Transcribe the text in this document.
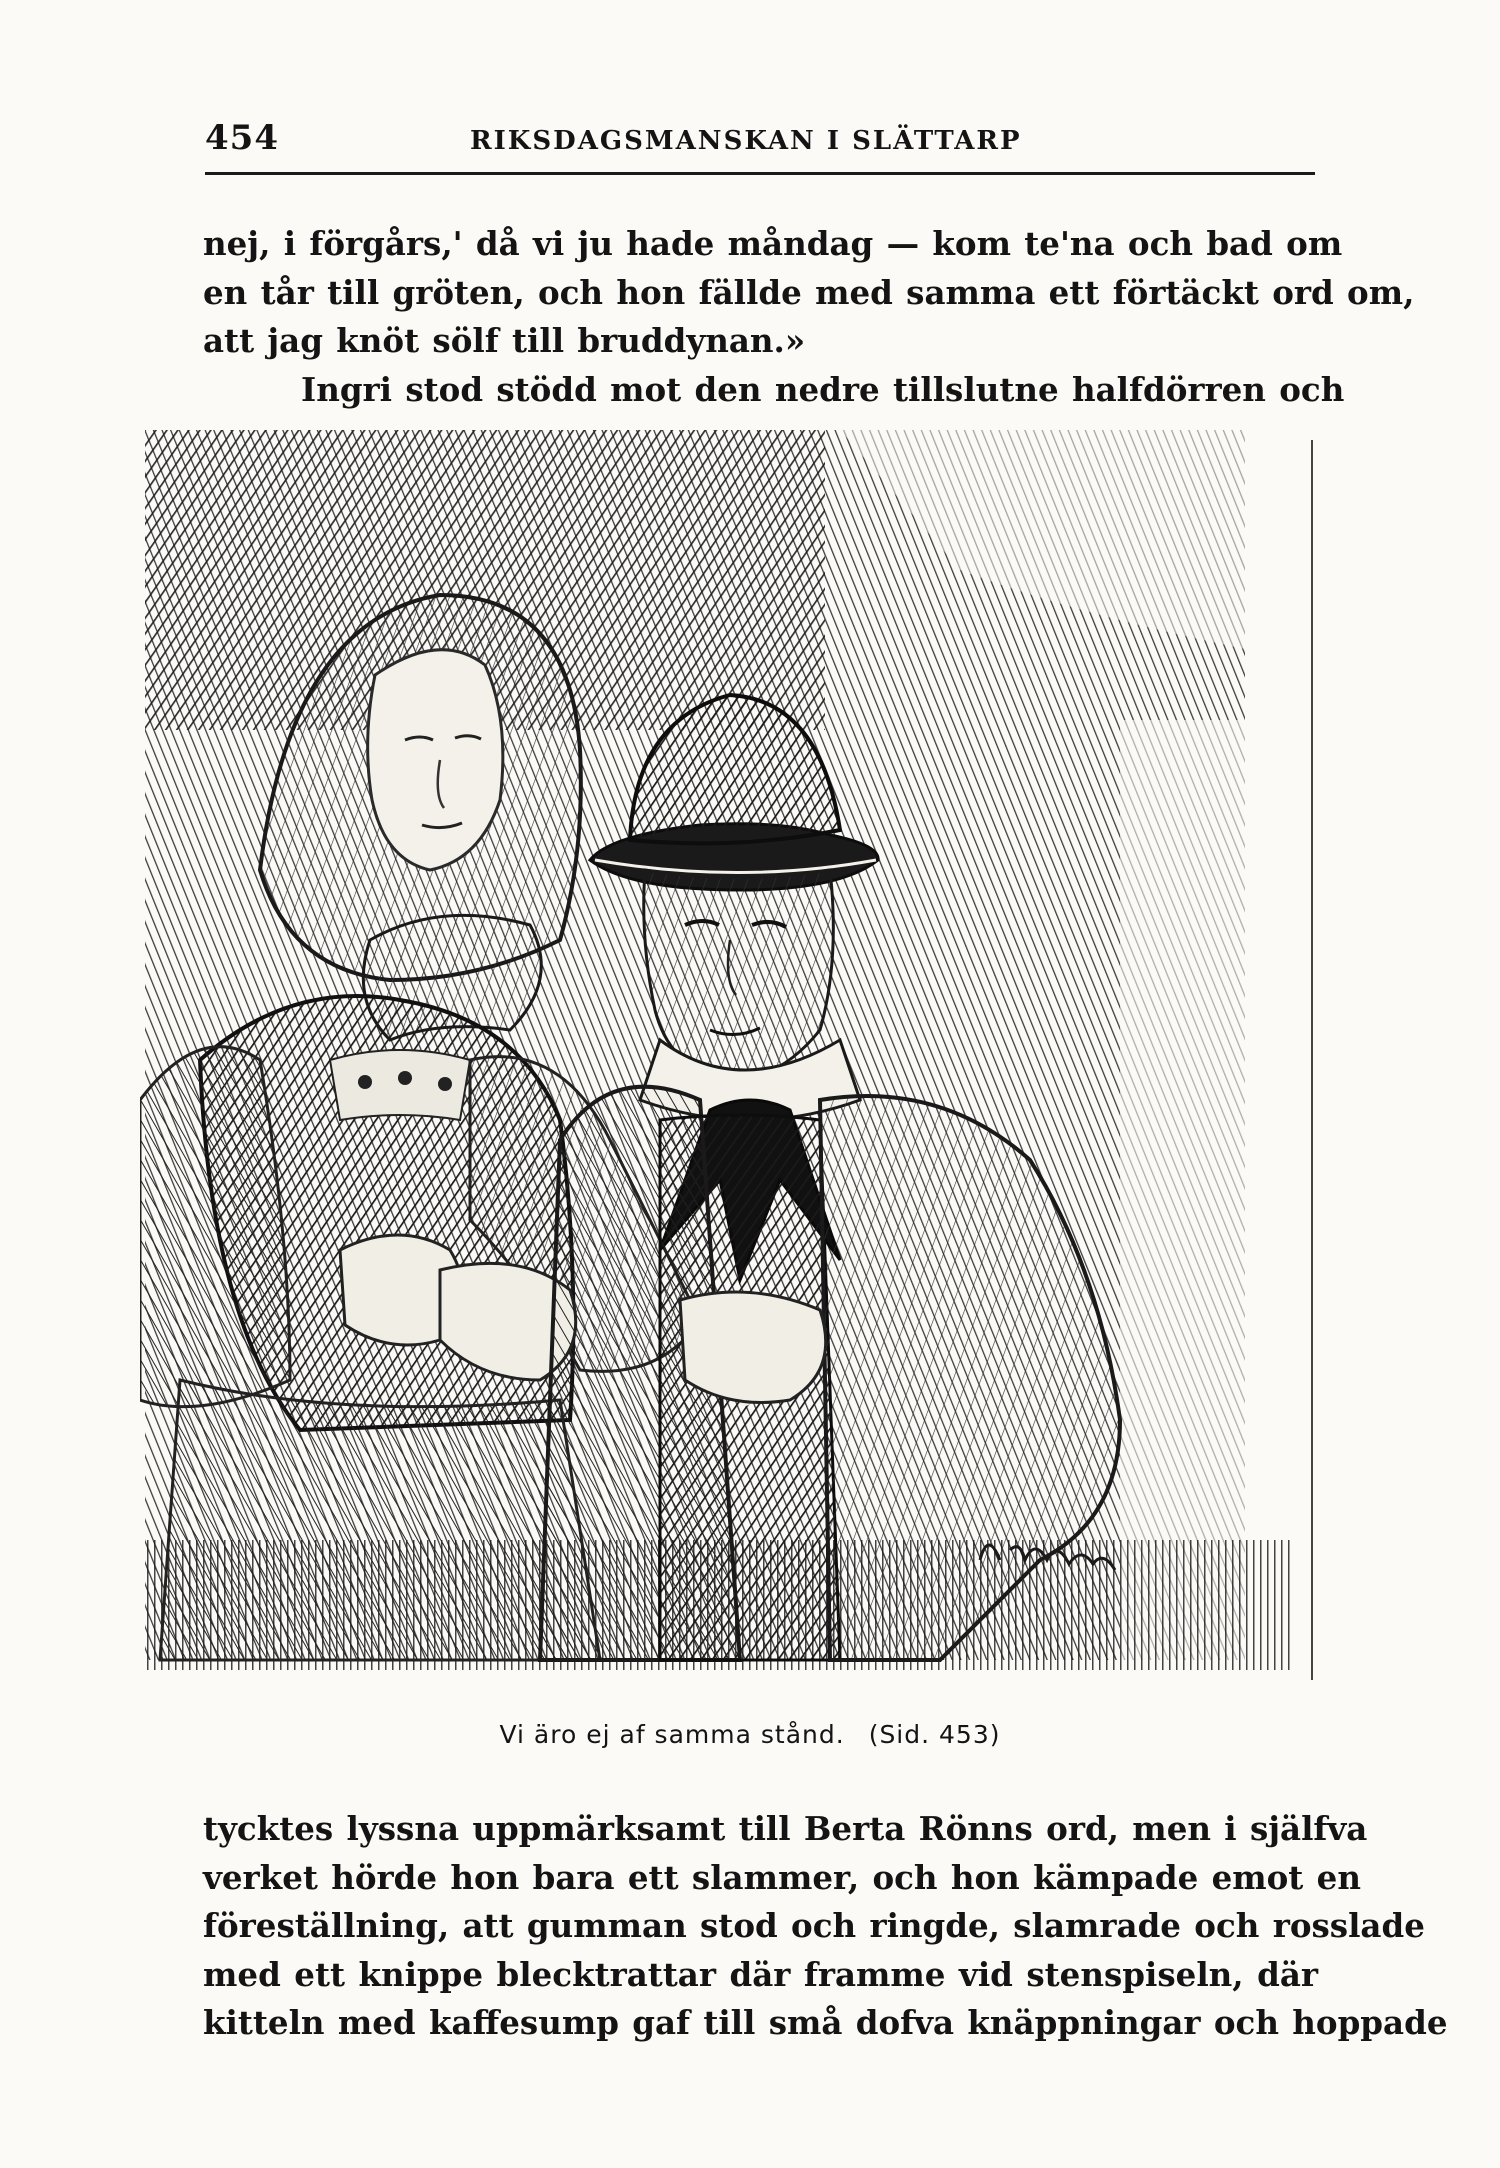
454	RIKSDAGSMANSKAN I SLÄTTARP
nej, i förgårs,' då vi ju hade måndag — kom te'na och bad om
en tår till gröten, och hon fällde med samma ett förtäckt ord om,
att jag knöt sölf till bruddynan.»
Ingri stod stödd mot den nedre tillslutne halfdörren och
Vi äro ej af samma stånd. (Sid. 453)
tycktes lyssna uppmärksamt till Berta Rönns ord, men i själfva
verket hörde hon bara ett slammer, och hon kämpade emot en
föreställning, att gumman stod och ringde, slamrade och rosslade
med ett knippe blecktrattar där framme vid stenspiseln, där
kitteln med kaffesump gaf till små dofva knäppningar och hoppade
